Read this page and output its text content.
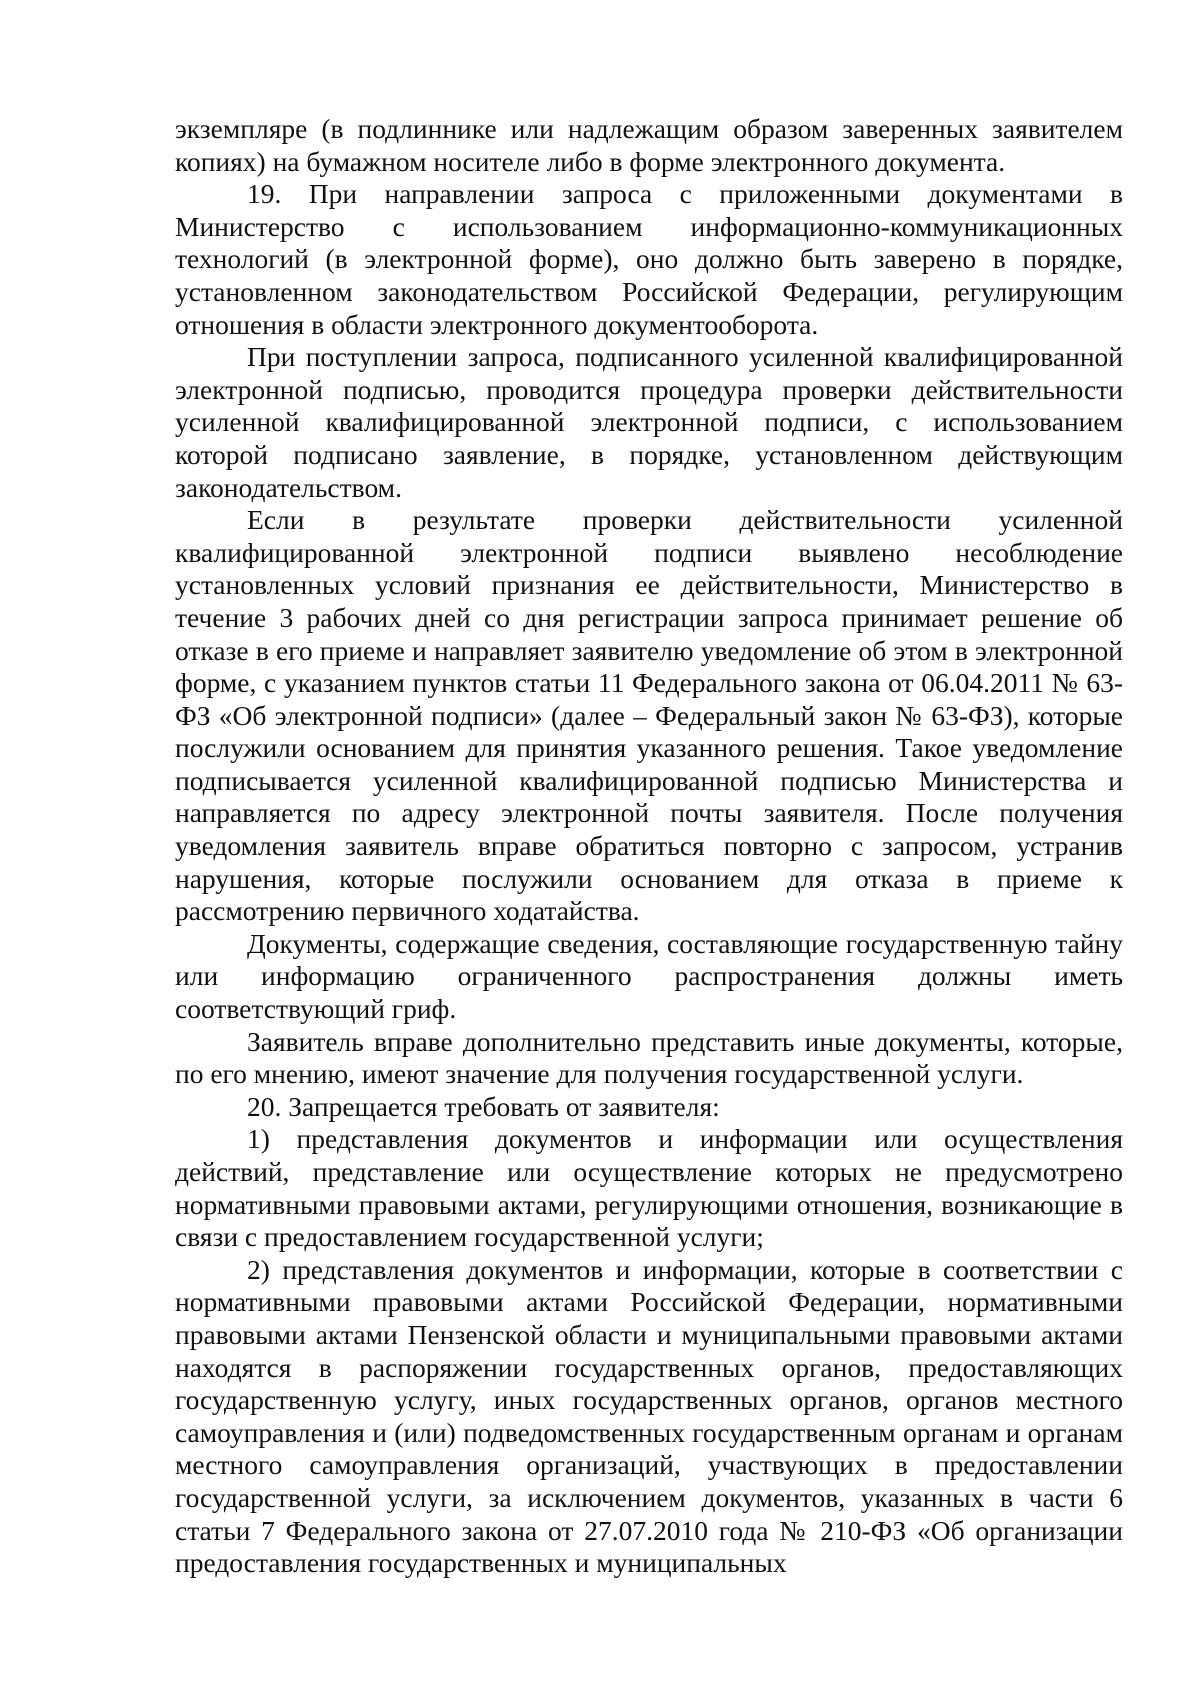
экземпляре (в подлиннике или надлежащим образом заверенных заявителем копиях) на бумажном носителе либо в форме электронного документа.

19. При направлении запроса с приложенными документами в Министерство с использованием информационно-коммуникационных технологий (в электронной форме), оно должно быть заверено в порядке, установленном законодательством Российской Федерации, регулирующим отношения в области электронного документооборота.

При поступлении запроса, подписанного усиленной квалифицированной электронной подписью, проводится процедура проверки действительности усиленной квалифицированной электронной подписи, с использованием которой подписано заявление, в порядке, установленном действующим законодательством.

Если в результате проверки действительности усиленной квалифицированной электронной подписи выявлено несоблюдение установленных условий признания ее действительности, Министерство в течение 3 рабочих дней со дня регистрации запроса принимает решение об отказе в его приеме и направляет заявителю уведомление об этом в электронной форме, с указанием пунктов статьи 11 Федерального закона от 06.04.2011 № 63-ФЗ «Об электронной подписи» (далее – Федеральный закон № 63-ФЗ), которые послужили основанием для принятия указанного решения. Такое уведомление подписывается усиленной квалифицированной подписью Министерства и направляется по адресу электронной почты заявителя. После получения уведомления заявитель вправе обратиться повторно с запросом, устранив нарушения, которые послужили основанием для отказа в приеме к рассмотрению первичного ходатайства.

Документы, содержащие сведения, составляющие государственную тайну или информацию ограниченного распространения должны иметь соответствующий гриф.

Заявитель вправе дополнительно представить иные документы, которые, по его мнению, имеют значение для получения государственной услуги.

20. Запрещается требовать от заявителя:

1) представления документов и информации или осуществления действий, представление или осуществление которых не предусмотрено нормативными правовыми актами, регулирующими отношения, возникающие в связи с предоставлением государственной услуги;

2) представления документов и информации, которые в соответствии с нормативными правовыми актами Российской Федерации, нормативными правовыми актами Пензенской области и муниципальными правовыми актами находятся в распоряжении государственных органов, предоставляющих государственную услугу, иных государственных органов, органов местного самоуправления и (или) подведомственных государственным органам и органам местного самоуправления организаций, участвующих в предоставлении государственной услуги, за исключением документов, указанных в части 6 статьи 7 Федерального закона от 27.07.2010 года № 210-ФЗ «Об организации предоставления государственных и муниципальных
